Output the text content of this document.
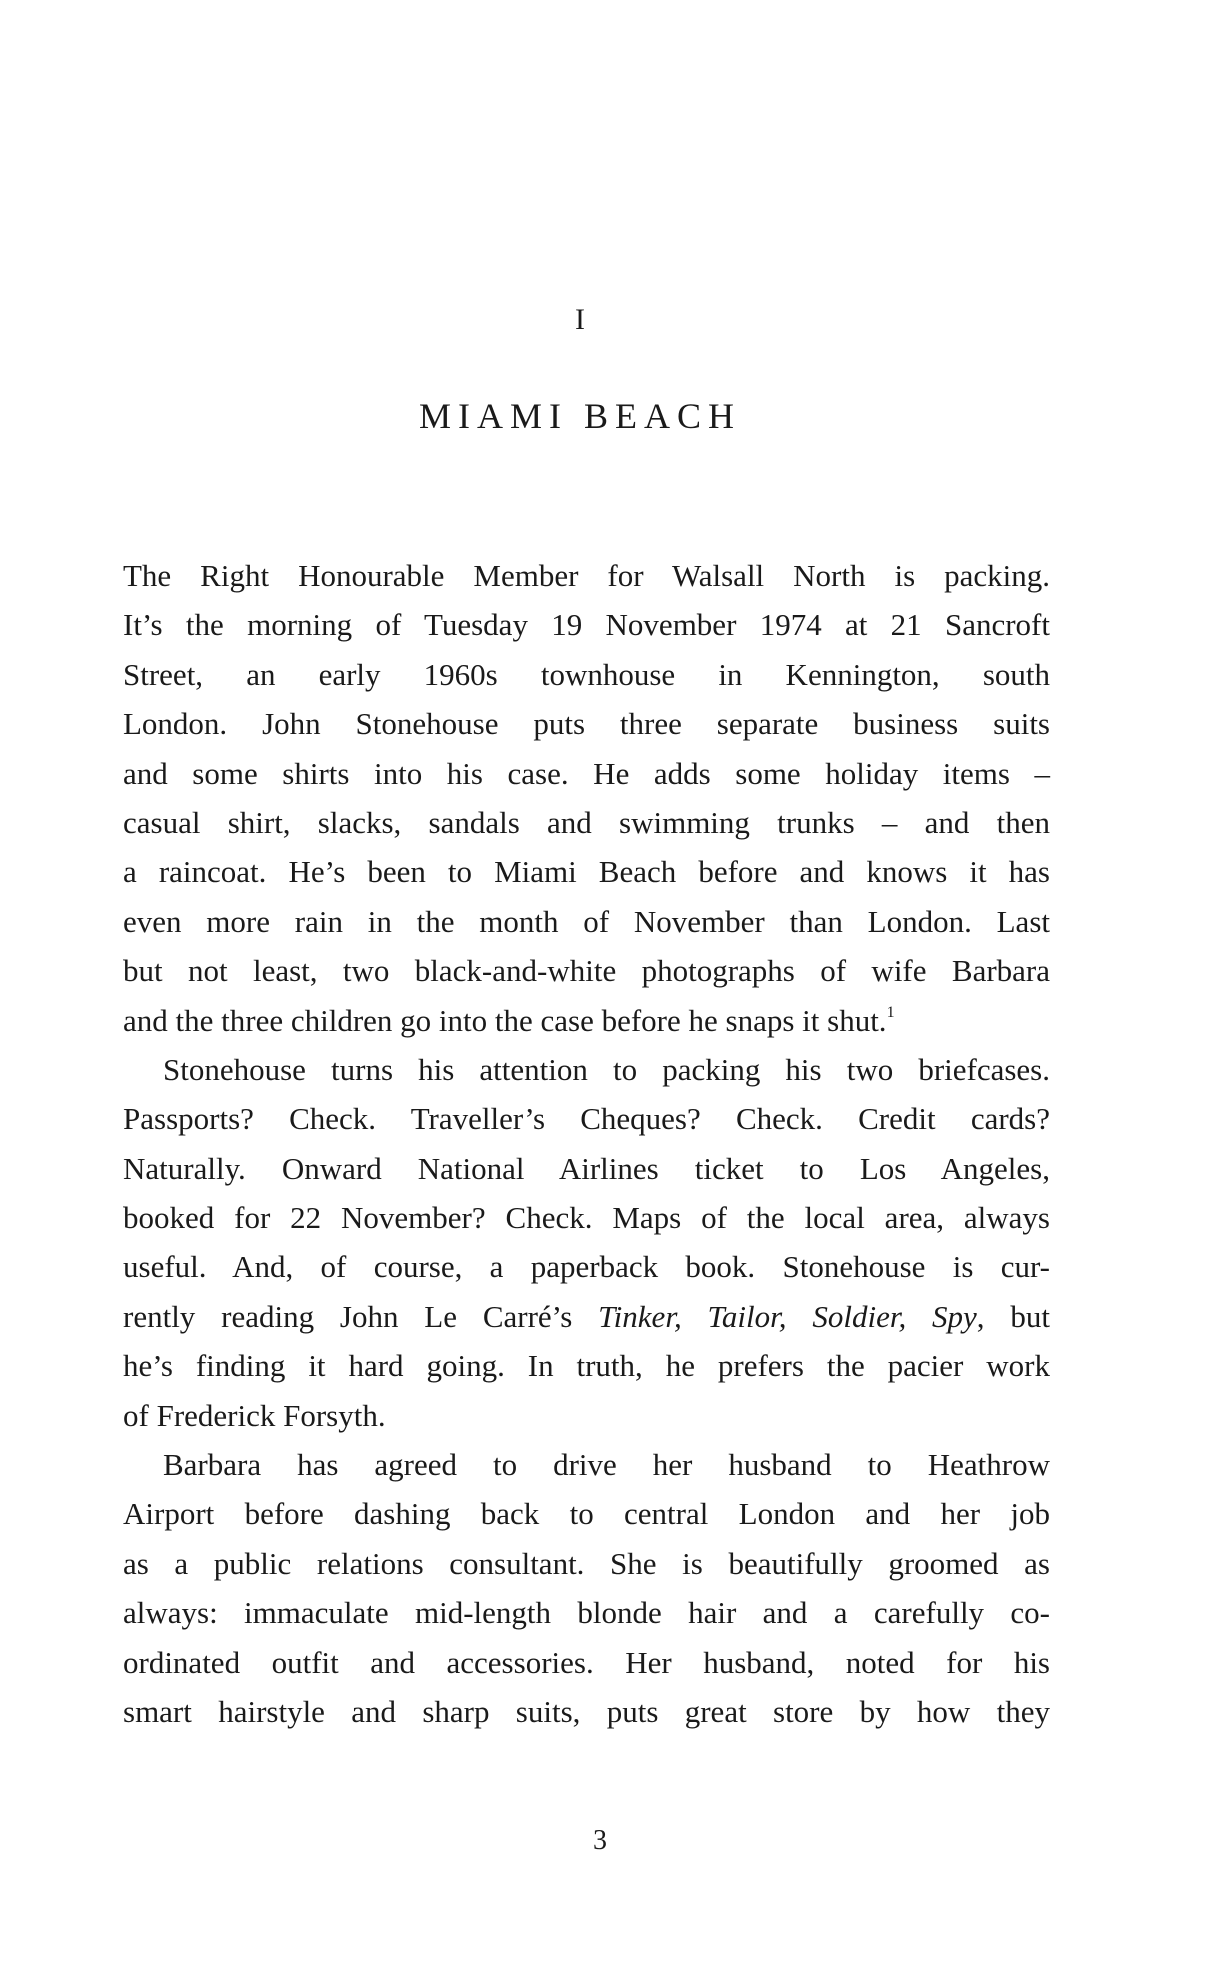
I
MIAMI BEACH
The Right Honourable Member for Walsall North is packing.
It’s the morning of Tuesday 19 November 1974 at 21 Sancroft
Street, an early 1960s townhouse in Kennington, south
London. John Stonehouse puts three separate business suits
and some shirts into his case. He adds some holiday items –
casual shirt, slacks, sandals and swimming trunks – and then
a raincoat. He’s been to Miami Beach before and knows it has
even more rain in the month of November than London. Last
but not least, two black-and-white photographs of wife Barbara
and the three children go into the case before he snaps it shut.$^1$
Stonehouse turns his attention to packing his two briefcases.
Passports? Check. Traveller’s Cheques? Check. Credit cards?
Naturally. Onward National Airlines ticket to Los Angeles,
booked for 22 November? Check. Maps of the local area, always
useful. And, of course, a paperback book. Stonehouse is cur-
rently reading John Le Carré’s Tinker, Tailor, Soldier, Spy, but
he’s finding it hard going. In truth, he prefers the pacier work
of Frederick Forsyth.
Barbara has agreed to drive her husband to Heathrow
Airport before dashing back to central London and her job
as a public relations consultant. She is beautifully groomed as
always: immaculate mid-length blonde hair and a carefully co-
ordinated outfit and accessories. Her husband, noted for his
smart hairstyle and sharp suits, puts great store by how they
3
